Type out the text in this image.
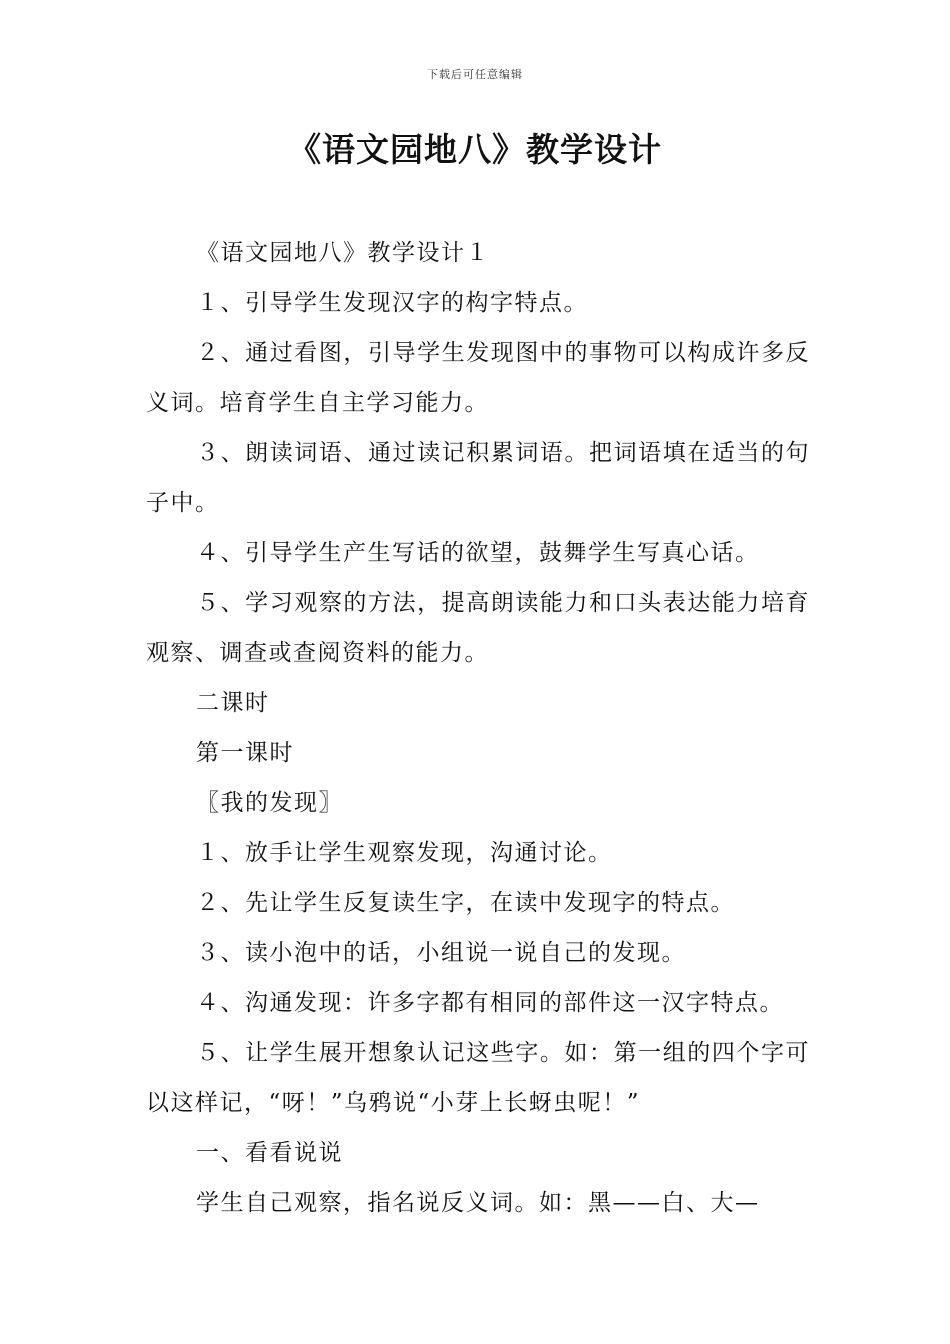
下载后可任意编辑
《语文园地八》教学设计

《语文园地八》教学设计１

１、引导学生发现汉字的构字特点。

２、通过看图，引导学生发现图中的事物可以构成许多反义词。培育学生自主学习能力。

３、朗读词语、通过读记积累词语。把词语填在适当的句子中。

４、引导学生产生写话的欲望，鼓舞学生写真心话。

５、学习观察的方法，提高朗读能力和口头表达能力培育观察、调查或查阅资料的能力。

二课时

第一课时

〖我的发现〗

１、放手让学生观察发现，沟通讨论。

２、先让学生反复读生字，在读中发现字的特点。

３、读小泡中的话，小组说一说自己的发现。

４、沟通发现：许多字都有相同的部件这一汉字特点。

５、让学生展开想象认记这些字。如：第一组的四个字可以这样记，“呀！”乌鸦说“小芽上长蚜虫呢！”

一、看看说说

学生自己观察，指名说反义词。如：黑——白、大—
